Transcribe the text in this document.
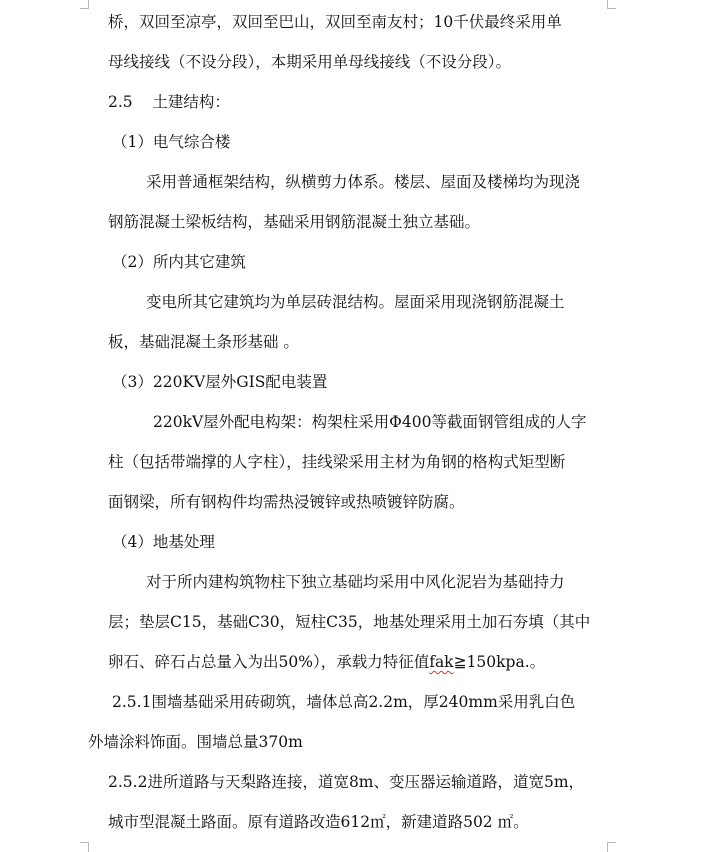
桥，双回至凉亭，双回至巴山，双回至南友村；10千伏最终采用单
母线接线（不设分段），本期采用单母线接线（不设分段）。
2.5    土建结构：
（1）电气综合楼
采用普通框架结构，纵横剪力体系。楼层、屋面及楼梯均为现浇
钢筋混凝土梁板结构，基础采用钢筋混凝土独立基础。
（2）所内其它建筑
变电所其它建筑均为单层砖混结构。屋面采用现浇钢筋混凝土
板，基础混凝土条形基础 。
（3）220KV屋外GIS配电装置
220kV屋外配电构架：构架柱采用Φ400等截面钢管组成的人字
柱（包括带端撑的人字柱），挂线梁采用主材为角钢的格构式矩型断
面钢梁，所有钢构件均需热浸镀锌或热喷镀锌防腐。
（4）地基处理
对于所内建构筑物柱下独立基础均采用中风化泥岩为基础持力
层；垫层C15，基础C30，短柱C35，地基处理采用土加石夯填（其中
卵石、碎石占总量入为出50%），承载力特征值fak≧150kpa.。
2.5.1围墙基础采用砖砌筑，墙体总高2.2m，厚240mm采用乳白色
外墙涂料饰面。围墙总量370m
2.5.2进所道路与天梨路连接，道宽8m、变压器运输道路，道宽5m，
城市型混凝土路面。原有道路改造612㎡，新建道路502 ㎡。
